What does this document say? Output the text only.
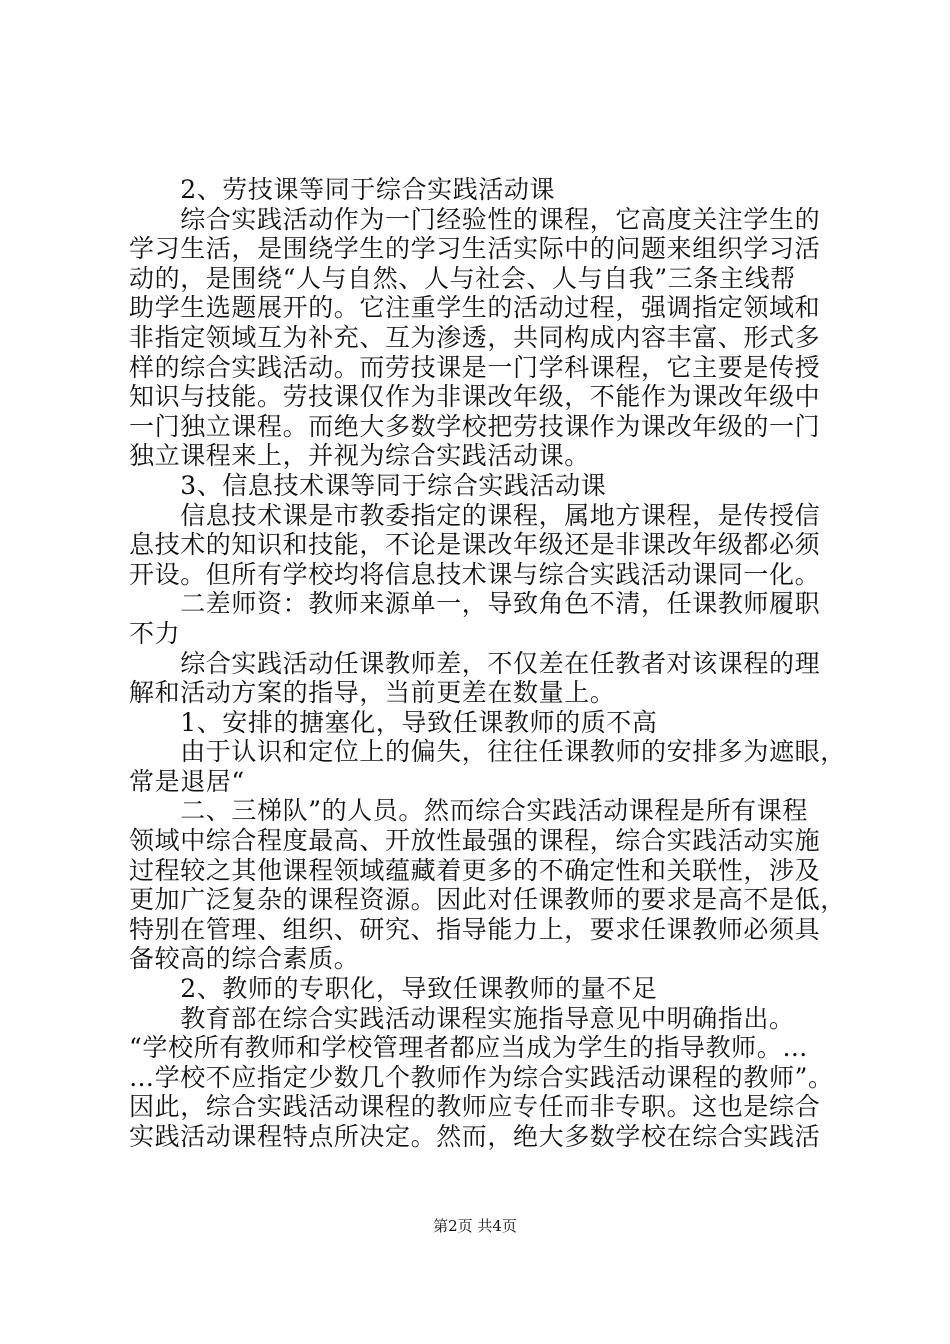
　　2、劳技课等同于综合实践活动课
　　综合实践活动作为一门经验性的课程，它高度关注学生的
学习生活，是围绕学生的学习生活实际中的问题来组织学习活
动的，是围绕“人与自然、人与社会、人与自我”三条主线帮
助学生选题展开的。它注重学生的活动过程，强调指定领域和
非指定领域互为补充、互为渗透，共同构成内容丰富、形式多
样的综合实践活动。而劳技课是一门学科课程，它主要是传授
知识与技能。劳技课仅作为非课改年级，不能作为课改年级中
一门独立课程。而绝大多数学校把劳技课作为课改年级的一门
独立课程来上，并视为综合实践活动课。
　　3、信息技术课等同于综合实践活动课
　　信息技术课是市教委指定的课程，属地方课程，是传授信
息技术的知识和技能，不论是课改年级还是非课改年级都必须
开设。但所有学校均将信息技术课与综合实践活动课同一化。
　　二差师资：教师来源单一，导致角色不清，任课教师履职
不力
　　综合实践活动任课教师差，不仅差在任教者对该课程的理
解和活动方案的指导，当前更差在数量上。
　　1、安排的搪塞化，导致任课教师的质不高
　　由于认识和定位上的偏失，往往任课教师的安排多为遮眼，
常是退居“
　　二、三梯队”的人员。然而综合实践活动课程是所有课程
领域中综合程度最高、开放性最强的课程，综合实践活动实施
过程较之其他课程领域蕴藏着更多的不确定性和关联性，涉及
更加广泛复杂的课程资源。因此对任课教师的要求是高不是低，
特别在管理、组织、研究、指导能力上，要求任课教师必须具
备较高的综合素质。
　　2、教师的专职化，导致任课教师的量不足
　　教育部在综合实践活动课程实施指导意见中明确指出。
“学校所有教师和学校管理者都应当成为学生的指导教师。…
…学校不应指定少数几个教师作为综合实践活动课程的教师”。
因此，综合实践活动课程的教师应专任而非专职。这也是综合
实践活动课程特点所决定。然而，绝大多数学校在综合实践活
第2页 共4页
